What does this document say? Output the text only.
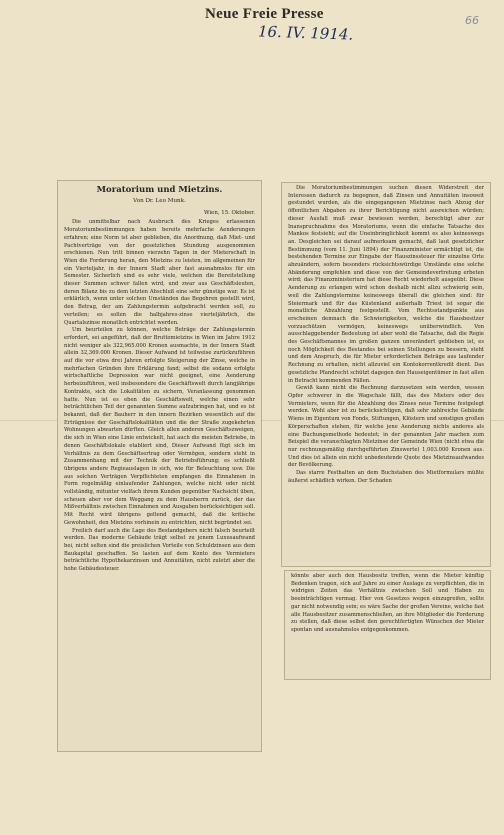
Neue Freie Presse
16. IV. 1914.
66

Moratorium und Mietzins.

Von Dr. Leo Munk.

Wien, 15. Oktober.

Die unmittelbar nach Ausbruch des Krieges erlassenen Moratoriumbestimmungen haben bereits mehrfache Aenderungen erfahren; eine Norm ist aber geblieben, die Anordnung, daß Miet- und Pachtverträge von der gesetzlichen Stundung ausgenommen erschienen. Nun tritt binnen vierzehn Tagen in der Mieterschaft in Wien die Forderung heran, den Mietzins zu leisten, im allgemeinen für ein Vierteljahr, in der Innern Stadt aber fast ausnahmslos für ein Semester. Sicherlich sind es sehr viele, welchen die Bereitstellung dieser Summen schwer fallen wird, und zwar aus Geschäftsleuten, deren Bilanz bis zu dem letzten Abschluß eine sehr günstige war. Es ist erklärlich, wenn unter solchen Umständen das Begehren gestellt wird, den Betrag, der am Zahlungstermin aufgebracht werden soll, zu verteilen; es sollen die halbjahres-zinse vierteljährlich, die Quartalszinse monatlich entrichtet werden.

Um beurteilen zu können, welche Beträge der Zahlungstermin erfordert, sei angeführt, daß der Bruttomietzins in Wien im Jahre 1912 nicht weniger als 322,965.000 Kronen ausmachte, in der Innern Stadt allein 32,369.000 Kronen. Dieser Aufwand ist teilweise zurückzuführen auf die vor etwa drei Jahren erfolgte Steigerung der Zinse, welche in mehrfachen Gründen ihre Erklärung fand; selbst die sodann erfolgte wirtschaftliche Depression war nicht geeignet, eine Aenderung herbeizuführen, weil insbesondere die Geschäftswelt durch langjährige Kontrakte, sich die Lokalitäten zu sichern, Veranlassung genommen hatte. Nun ist es eben die Geschäftswelt, welche einen sehr beträchtlichen Teil der genannten Summe aufzubringen hat, und es ist bekannt, daß der Bauherr in den innern Bezirken wesentlich auf die Erträgnisse der Geschäftslokalitäten und die der Straße zugekehrten Wohnungen abwarten dürften. Gleich allen anderen Geschäftszweigen, die sich in Wien eine Linie entwickelt, hat auch die meisten Betriebe, in denen Geschäftslokale etabliert sind, Dieser Aufwand fügt sich im Verhältnis zu dem Geschäftsertrag oder Vermögen, sondern steht in Zusammenhang mit der Technik der Betriebsführung; es schließt übrigens andere Regieauslagen in sich, wie für Beleuchtung usw. Die aus solchen Verträgen Verpflichteten empfangen die Einnahmen in Form regelmäßig einlaufender Zahlungen, welche nicht oder nicht vollständig, mitunter vielfach ihrem Kunden gegenüber Nachsicht üben, scheuen aber vor dem Weggang zu dem Hausherrn zurück, der das Mißverhältnis zwischen Einnahmen und Ausgaben berücksichtigen soll. Mit Recht wird übrigens geltend gemacht, daß die kritische Gewohnheit, den Mietzins vorhinein zu entrichten, nicht begründet sei.

Freilich darf auch die Lage des Bestandgebers nicht falsch beurteilt werden. Das moderne Gebäude trägt selbst zu jenem Luxusaufwand bei, nicht selten sind die preislichen Vorteile von Schuldzinsen aus dem Baukapital geschaffen. So lasten auf dem Konto des Vermieters beträchtliche Hypothekarzinsen und Annuitäten, nicht zuletzt aber die hohe Gebäudesteuer.

Die Moratoriumbestimmungen suchen diesen Widerstreit der Interessen dadurch zu begegnen, daß Zinsen und Annuitäten insoweit gestundet wurden, als die eingegangenen Mietzinse nach Abzug der öffentlichen Abgaben zu ihrer Berichtigung nicht ausreichen würden; dieser Ausfall muß zwar bewiesen werden, berechtigt aber zur Inanspruchnahme des Moratoriums, wenn die einfache Tatsache des Mankos festsieht; auf die Uneinbringlichkeit kommt es also keineswegs an. Desgleichen sei darauf aufmerksam gemacht, daß laut gesetzlicher Bestimmung (vom 11. Juni 1894) der Finanzminister ermächtigt ist, die bestehenden Termine zur Eingabe der Hauszinssteuer für einzelne Orte abzuändern, sofern besonders rücksichtswürdige Umstände eine solche Abänderung empfehlen und diese von der Gemeindevertretung erbeten wird; das Finanzministerium hat diese Recht wiederholt ausgeübt. Diese Aenderung zu erlangen wird schon deshalb nicht allzu schwierig sein, weil die Zahlungstermine keineswegs überall die gleichen sind: für Steiermark und für das Küstenland außerhalb Triest ist sogar die monatliche Abzahlung festgestellt. Vom Rechtsstandpunkte aus erscheinen demnach die Schwierigkeiten, welche die Hausbesitzer vorzuschützen vermögen, keineswegs unüberwindlich. Von ausschlaggebender Bedeutung ist aber wohl die Tatsache, daß die Regie des Geschäftsmannes im großen ganzen unverändert geblieben ist, es noch Möglichkeit des Bestandes bei seinen Stellungen zu bessern, steht und dem Anspruch, die für Mieter erforderlichen Beträge aus laufender Rechnung zu erhalten, nicht allzuviel ein Kontokorrentkredit dient. Das gesetzliche Pfandrecht schützt dagegen den Hauseigentümer in fast allen in Betracht kommenden Fällen.

Gewiß kann nicht die Rechnung darzusetzen sein werden, wessen Opfer schwerer in die Wagschale fällt, das des Mieters oder des Vermieters, wenn für die Abzahlung des Zinses neue Termine festgelegt werden. Wohl aber ist zu berücksichtigen, daß sehr zahlreiche Gebäude Wiens im Eigentum von Fonds, Stiftungen, Klöstern und sonstigen großen Körperschaften stehen, für welche jene Aenderung nichts anderes als eine Buchungsmethode bedeutet; in der genannten Jahr machen zum Beispiel die veranschlagten Mietzinse der Gemeinde Wien (nicht etwa die nur rechnungsmäßig durchgeführten Zinswerte) 1,003.000 Kronen aus. Und dies ist allein ein nicht unbedeutende Quote des Mietzinsaufwandes der Bevölkerung.

Das starre Festhalten an dem Buchstaben des Mietformulars müßte äußerst schädlich wirken. Der Schaden

könnte aber auch den Hausbesitz treffen, wenn die Mieter künftig Bedenken tragen, sich auf Jahre zu einer Auslage zu verpflichten, die in widrigen Zeiten das Verhältnis zwischen Soll und Haben zu beeinträchtigen vermag. Hier von Gesetzes wegen einzugreifen, sollte gar nicht notwendig sein; es wäre Sache der großen Vereine, welche fast alle Hausbesitzer zusammenschließen, an ihre Mitglieder die Forderung zu stellen, daß diese selbst den gerechtfertigten Wünschen der Mieter spontan und ausnahmslos entgegenkommen.
